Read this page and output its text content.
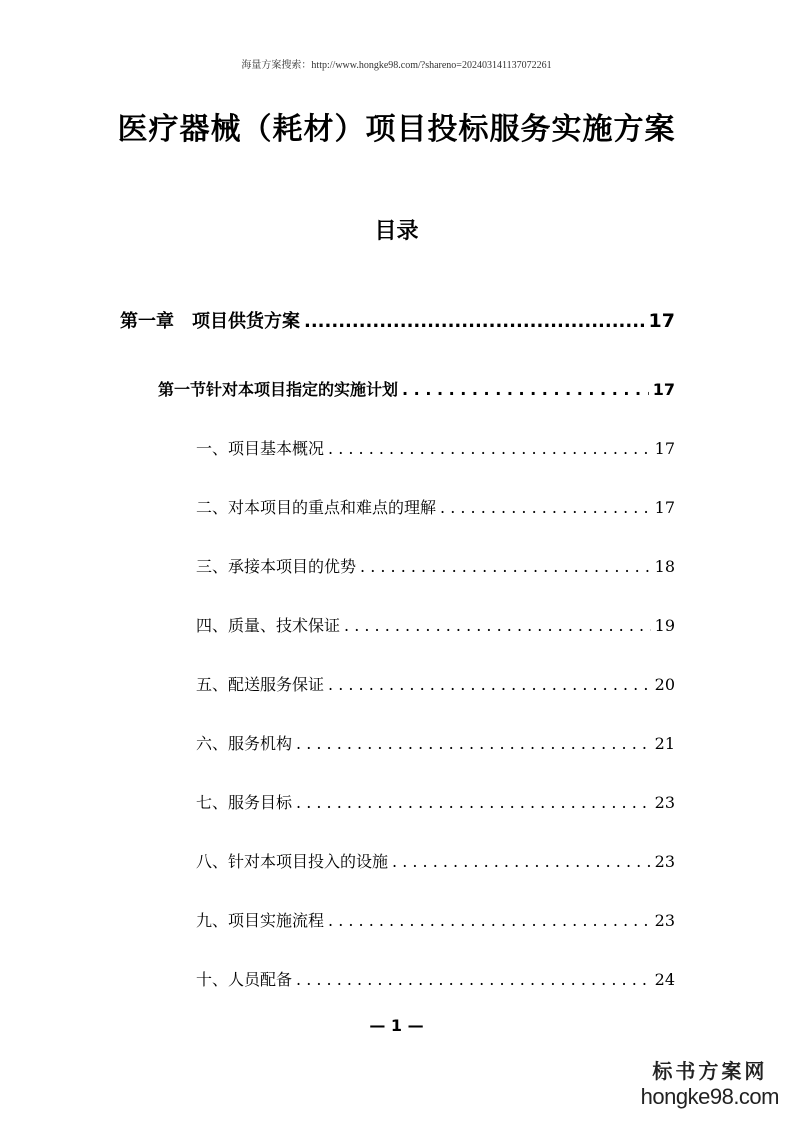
海量方案搜索：http://www.hongke98.com/?shareno=2024031411370722​61
医疗器械（耗材）项目投标服务实施方案
目录
第一章　项目供货方案 .....	17
第一节针对本项目指定的实施计划 . . .	17
一、项目基本概况 . . .	17
二、对本项目的重点和难点的理解 . . .	17
三、承接本项目的优势 . . .	18
四、质量、技术保证 . . .	19
五、配送服务保证 . . .	20
六、服务机构 . . .	21
七、服务目标 . . .	23
八、针对本项目投入的设施 . . .	23
九、项目实施流程 . . .	23
十、人员配备 . . .	24
— 1 —
标书方案网
hongke98.com
